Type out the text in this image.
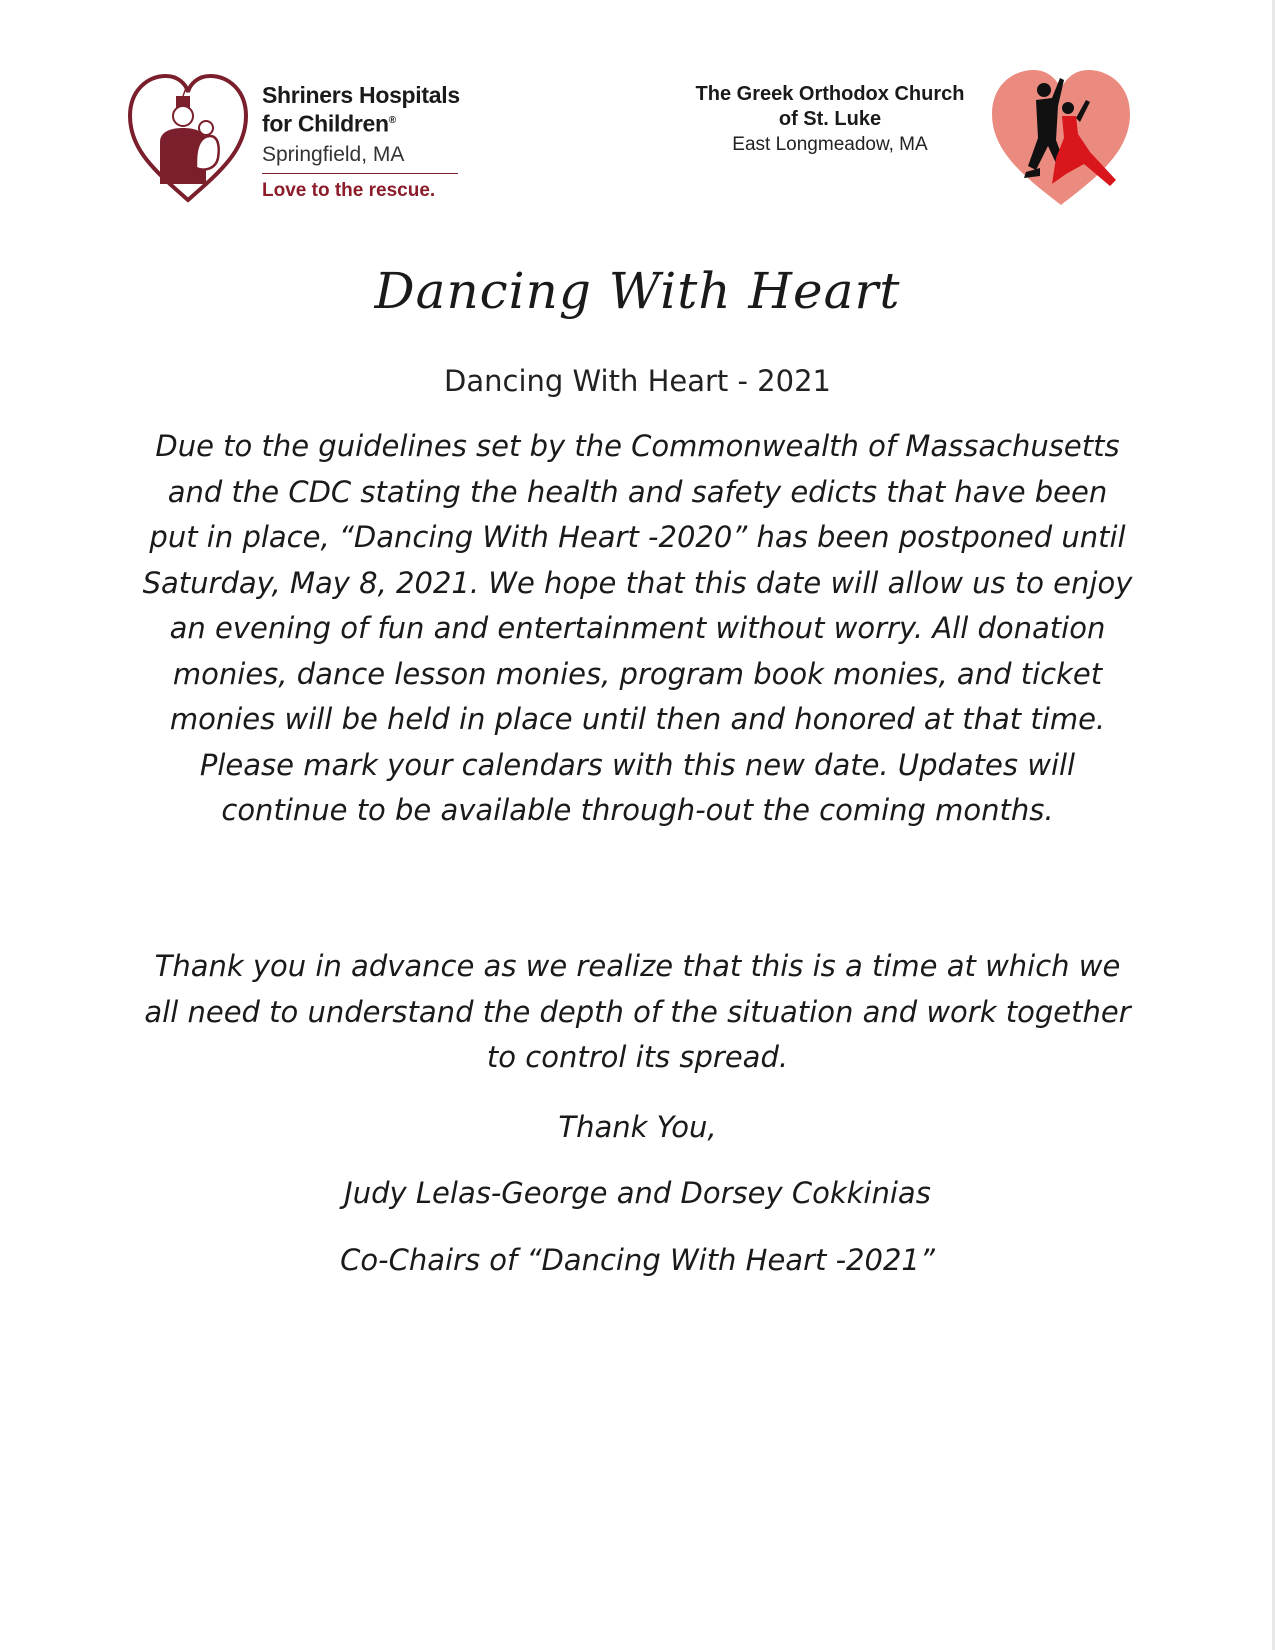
Shriners Hospitals
for Children®
Springfield, MA
Love to the rescue.
The Greek Orthodox Church
of St. Luke
East Longmeadow, MA
Dancing With Heart
Dancing With Heart - 2021
Due to the guidelines set by the Commonwealth of Massachusetts and the CDC stating the health and safety edicts that have been put in place, “Dancing With Heart -2020” has been postponed until Saturday, May 8, 2021. We hope that this date will allow us to enjoy an evening of fun and entertainment without worry. All donation monies, dance lesson monies, program book monies, and ticket monies will be held in place until then and honored at that time. Please mark your calendars with this new date. Updates will continue to be available through-out the coming months.
Thank you in advance as we realize that this is a time at which we all need to understand the depth of the situation and work together to control its spread.
Thank You,
Judy Lelas-George and Dorsey Cokkinias
Co-Chairs of “Dancing With Heart -2021”
